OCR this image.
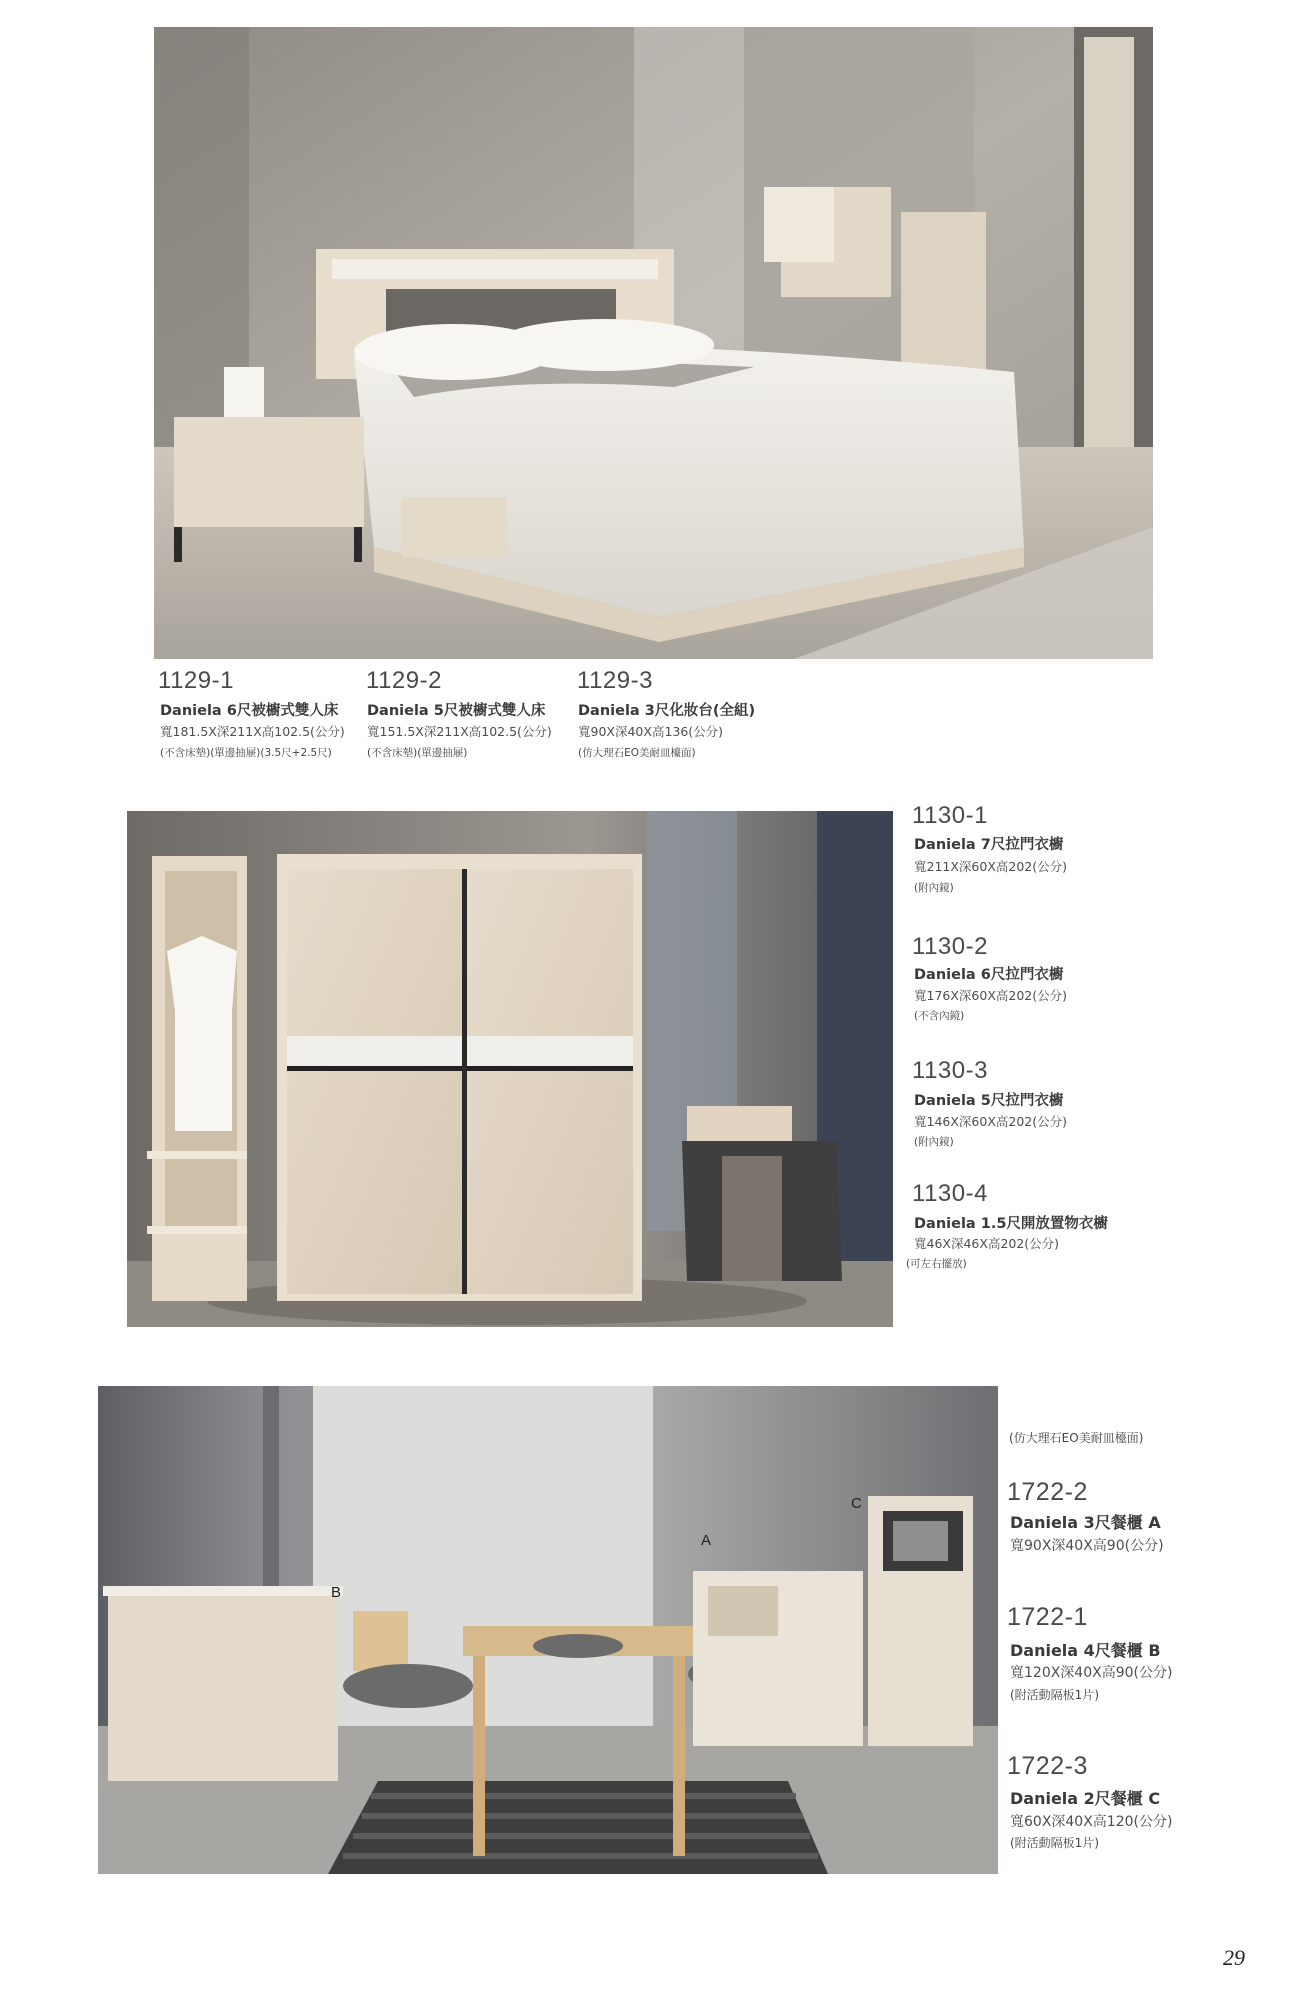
1129-1
Daniela 6尺被櫥式雙人床
寬181.5X深211X高102.5(公分)
(不含床墊)(單邊抽屜)(3.5尺+2.5尺)
1129-2
Daniela 5尺被櫥式雙人床
寬151.5X深211X高102.5(公分)
(不含床墊)(單邊抽屜)
1129-3
Daniela 3尺化妝台(全組)
寬90X深40X高136(公分)
(仿大理石EO美耐皿檯面)
1130-1
Daniela 7尺拉門衣櫥
寬211X深60X高202(公分)
(附內鏡)
1130-2
Daniela 6尺拉門衣櫥
寬176X深60X高202(公分)
(不含內鏡)
1130-3
Daniela 5尺拉門衣櫥
寬146X深60X高202(公分)
(附內鏡)
1130-4
Daniela 1.5尺開放置物衣櫥
寬46X深46X高202(公分)
(可左右擺放)
B
A
C
(仿大理石EO美耐皿檯面)
1722-2
Daniela 3尺餐櫃 A
寬90X深40X高90(公分)
1722-1
Daniela 4尺餐櫃 B
寬120X深40X高90(公分)
(附活動隔板1片)
1722-3
Daniela 2尺餐櫃 C
寬60X深40X高120(公分)
(附活動隔板1片)
29
